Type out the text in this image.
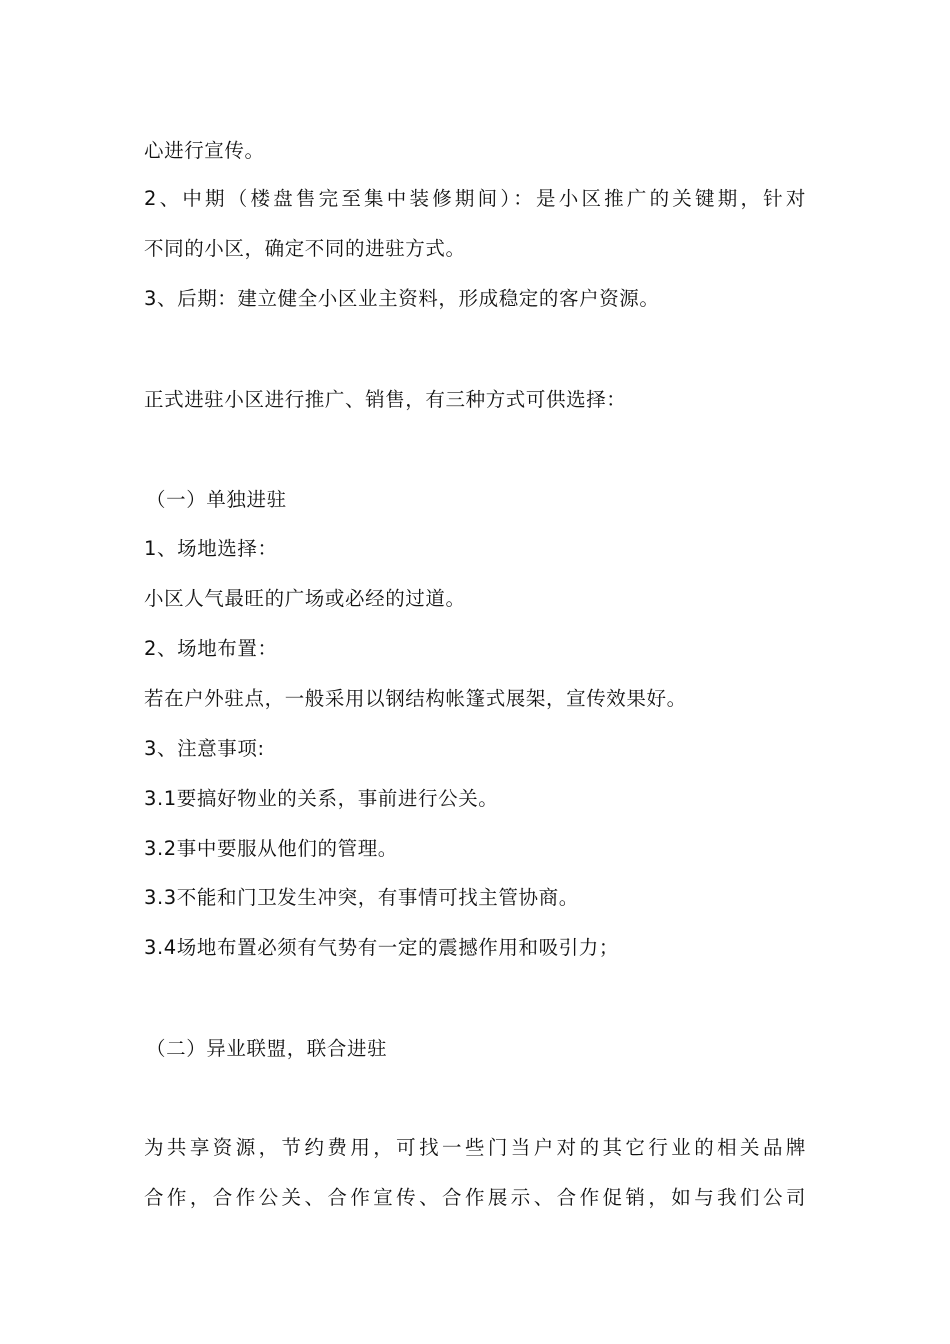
心进行宣传。
2、中期（楼盘售完至集中装修期间）：是小区推广的关键期，针对
不同的小区，确定不同的进驻方式。
3、后期：建立健全小区业主资料，形成稳定的客户资源。
正式进驻小区进行推广、销售，有三种方式可供选择：
（一）单独进驻
1、场地选择：
小区人气最旺的广场或必经的过道。
2、场地布置：
若在户外驻点，一般采用以钢结构帐篷式展架，宣传效果好。
3、注意事项:
3.1要搞好物业的关系，事前进行公关。
3.2事中要服从他们的管理。
3.3不能和门卫发生冲突，有事情可找主管协商。
3.4场地布置必须有气势有一定的震撼作用和吸引力；
（二）异业联盟，联合进驻
为共享资源，节约费用，可找一些门当户对的其它行业的相关品牌
合作，合作公关、合作宣传、合作展示、合作促销，如与我们公司
